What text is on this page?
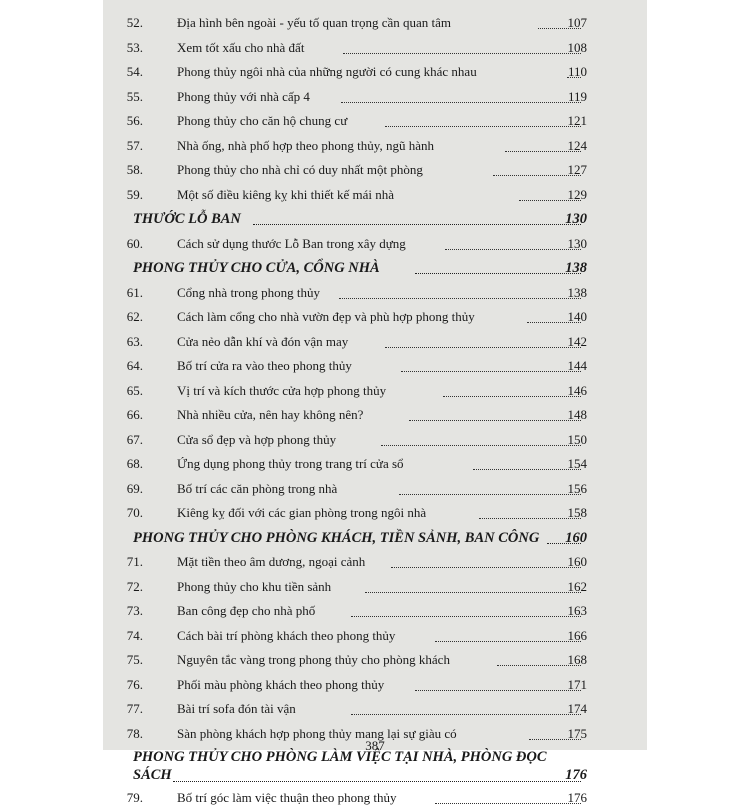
52.	Địa hình bên ngoài - yếu tố quan trọng cần quan tâm	107
53.	Xem tốt xấu cho nhà đất	108
54.	Phong thủy ngôi nhà của những người có cung khác nhau	110
55.	Phong thủy với nhà cấp 4	119
56.	Phong thủy cho căn hộ chung cư	121
57.	Nhà ống, nhà phố hợp theo phong thủy, ngũ hành	124
58.	Phong thủy cho nhà chỉ có duy nhất một phòng	127
59.	Một số điều kiêng kỵ khi thiết kế mái nhà	129
THƯỚC LỖ BAN	130
60.	Cách sử dụng thước Lỗ Ban trong xây dựng	130
PHONG THỦY CHO CỬA, CỔNG NHÀ	138
61.	Cổng nhà trong phong thủy	138
62.	Cách làm cổng cho nhà vườn đẹp và phù hợp phong thủy	140
63.	Cửa nẻo dẫn khí và đón vận may	142
64.	Bố trí cửa ra vào theo phong thủy	144
65.	Vị trí và kích thước cửa hợp phong thủy	146
66.	Nhà nhiều cửa, nên hay không nên?	148
67.	Cửa sổ đẹp và hợp phong thủy	150
68.	Ứng dụng phong thủy trong trang trí cửa sổ	154
69.	Bố trí các căn phòng trong nhà	156
70.	Kiêng kỵ đối với các gian phòng trong ngôi nhà	158
PHONG THỦY CHO PHÒNG KHÁCH, TIỀN SẢNH, BAN CÔNG 160
71.	Mặt tiền theo âm dương, ngoại cảnh	160
72.	Phong thủy cho khu tiền sảnh	162
73.	Ban công đẹp cho nhà phố	163
74.	Cách bài trí phòng khách theo phong thủy	166
75.	Nguyên tắc vàng trong phong thủy cho phòng khách	168
76.	Phối màu phòng khách theo phong thủy	171
77.	Bài trí sofa đón tài vận	174
78.	Sàn phòng khách hợp phong thủy mang lại sự giàu có	175
PHONG THỦY CHO PHÒNG LÀM VIỆC TẠI NHÀ, PHÒNG ĐỌC
SÁCH	176
79.	Bố trí góc làm việc thuận theo phong thủy	176
387
